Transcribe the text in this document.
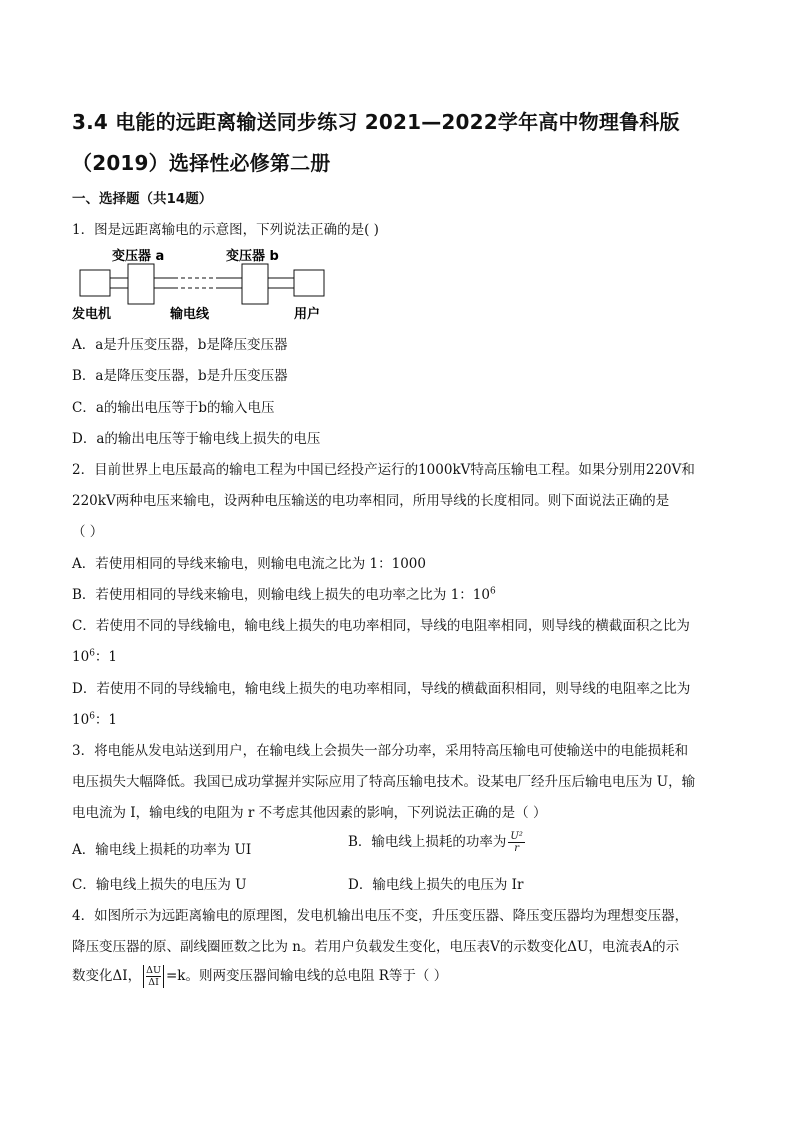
3.4 电能的远距离输送同步练习 2021—2022学年高中物理鲁科版
（2019）选择性必修第二册
一、选择题（共14题）
1．图是远距离输电的示意图，下列说法正确的是( )
变压器 a	变压器 b
发电机	输电线	用户
A．a是升压变压器，b是降压变压器
B．a是降压变压器，b是升压变压器
C．a的输出电压等于b的输入电压
D．a的输出电压等于输电线上损失的电压
2．目前世界上电压最高的输电工程为中国已经投产运行的1000kV特高压输电工程。如果分别用220V和
220kV两种电压来输电，设两种电压输送的电功率相同，所用导线的长度相同。则下面说法正确的是
（ ）
A．若使用相同的导线来输电，则输电电流之比为 1：1000
B．若使用相同的导线来输电，则输电线上损失的电功率之比为 1：$10^6$
C．若使用不同的导线输电，输电线上损失的电功率相同，导线的电阻率相同，则导线的横截面积之比为
$10^6$：1
D．若使用不同的导线输电，输电线上损失的电功率相同，导线的横截面积相同，则导线的电阻率之比为
$10^6$：1
3．将电能从发电站送到用户，在输电线上会损失一部分功率，采用特高压输电可使输送中的电能损耗和
电压损失大幅降低。我国已成功掌握并实际应用了特高压输电技术。设某电厂经升压后输电电压为 U，输
电电流为 I，输电线的电阻为 r 不考虑其他因素的影响，下列说法正确的是（ ）
A．输电线上损耗的功率为 UI	B．输电线上损耗的功率为 $\frac{\text{U²}}{r}$
C．输电线上损失的电压为 U	D．输电线上损失的电压为 Ir
4．如图所示为远距离输电的原理图，发电机输出电压不变，升压变压器、降压变压器均为理想变压器，
降压变压器的原、副线圈匝数之比为 n。若用户负载发生变化，电压表V的示数变化ΔU，电流表A的示
数变化ΔI， $\frac{\Delta U}{\Delta I} =k$。则两变压器间输电线的总电阻 R等于（ ）
